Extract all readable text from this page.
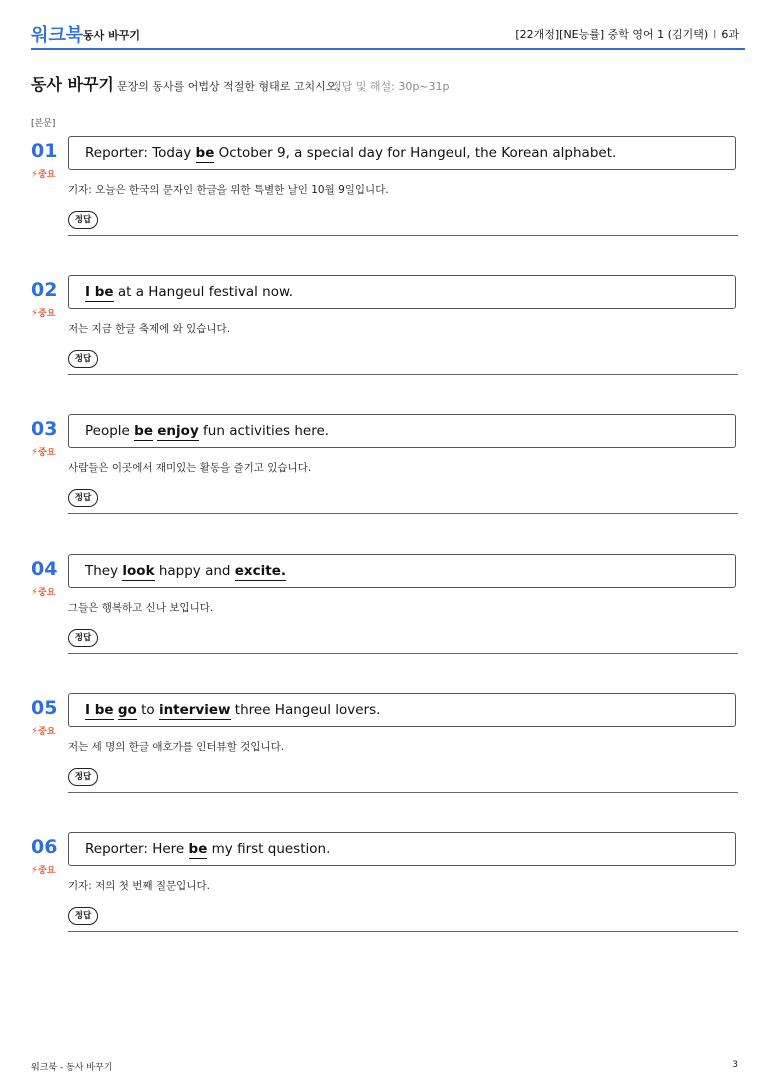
워크북 동사 바꾸기	[22개정][NE능률] 중학 영어 1 (김기택) I 6과
동사 바꾸기 문장의 동사를 어법상 적절한 형태로 고치시오.
정답 및 해설: 30p~31p
[본문]
01
⚡중요
Reporter: Today be October 9, a special day for Hangeul, the Korean alphabet.
기자: 오늘은 한국의 문자인 한글을 위한 특별한 날인 10월 9일입니다.
정답
02
⚡중요
I be at a Hangeul festival now.
저는 지금 한글 축제에 와 있습니다.
정답
03
⚡중요
People be enjoy fun activities here.
사람들은 이곳에서 재미있는 활동을 즐기고 있습니다.
정답
04
⚡중요
They look happy and excite.
그들은 행복하고 신나 보입니다.
정답
05
⚡중요
I be go to interview three Hangeul lovers.
저는 세 명의 한글 애호가를 인터뷰할 것입니다.
정답
06
⚡중요
Reporter: Here be my first question.
기자: 저의 첫 번째 질문입니다.
정답
워크북 - 동사 바꾸기	3
